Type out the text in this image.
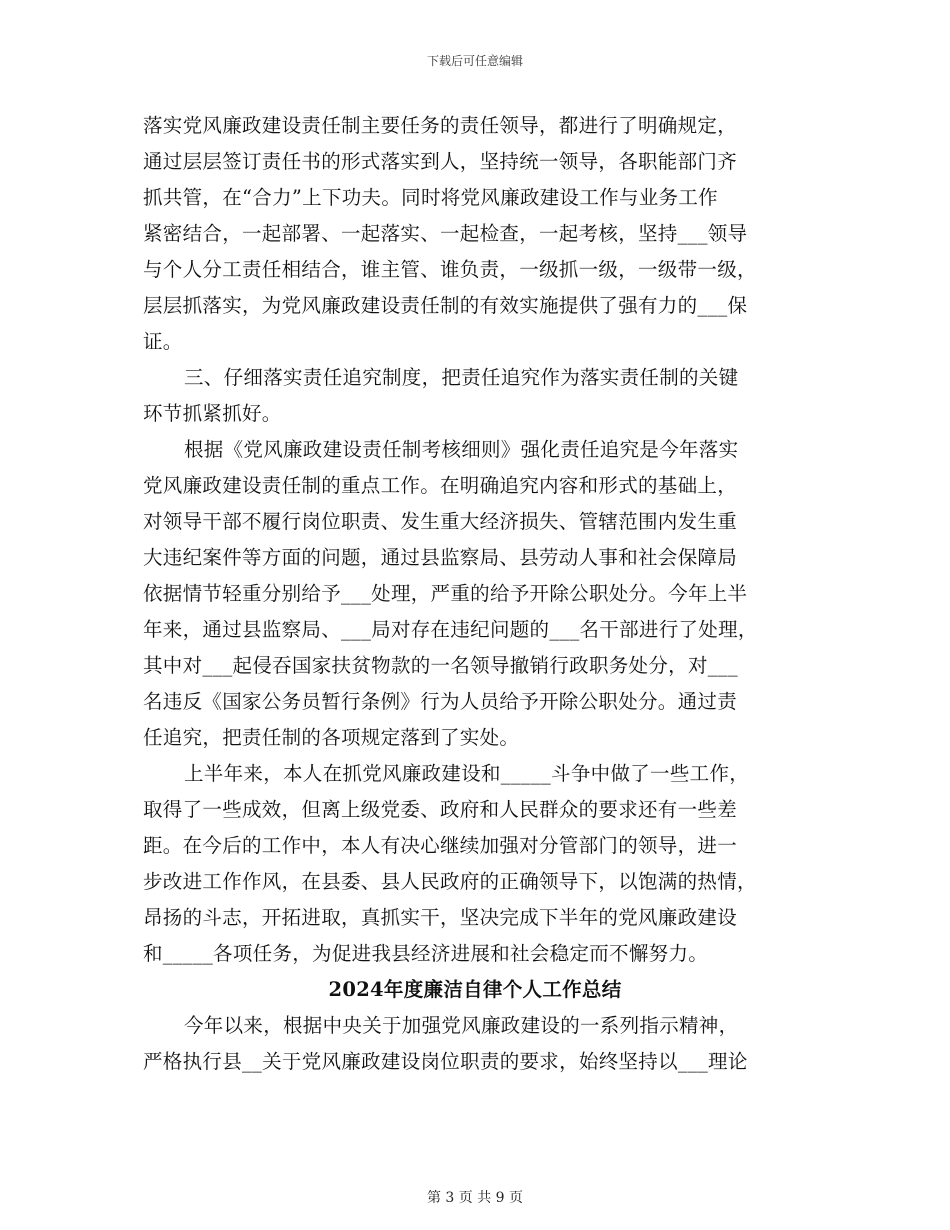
下载后可任意编辑
落实党风廉政建设责任制主要任务的责任领导，都进行了明确规定，
通过层层签订责任书的形式落实到人，坚持统一领导，各职能部门齐
抓共管，在“合力”上下功夫。同时将党风廉政建设工作与业务工作
紧密结合，一起部署、一起落实、一起检查，一起考核，坚持___领导
与个人分工责任相结合，谁主管、谁负责，一级抓一级，一级带一级，
层层抓落实，为党风廉政建设责任制的有效实施提供了强有力的___保
证。
三、仔细落实责任追究制度，把责任追究作为落实责任制的关键
环节抓紧抓好。
根据《党风廉政建设责任制考核细则》强化责任追究是今年落实
党风廉政建设责任制的重点工作。在明确追究内容和形式的基础上，
对领导干部不履行岗位职责、发生重大经济损失、管辖范围内发生重
大违纪案件等方面的问题，通过县监察局、县劳动人事和社会保障局
依据情节轻重分别给予___处理，严重的给予开除公职处分。今年上半
年来，通过县监察局、___局对存在违纪问题的___名干部进行了处理，
其中对___起侵吞国家扶贫物款的一名领导撤销行政职务处分，对___
名违反《国家公务员暂行条例》行为人员给予开除公职处分。通过责
任追究，把责任制的各项规定落到了实处。
上半年来，本人在抓党风廉政建设和_____斗争中做了一些工作，
取得了一些成效，但离上级党委、政府和人民群众的要求还有一些差
距。在今后的工作中，本人有决心继续加强对分管部门的领导，进一
步改进工作作风，在县委、县人民政府的正确领导下，以饱满的热情，
昂扬的斗志，开拓进取，真抓实干，坚决完成下半年的党风廉政建设
和_____各项任务，为促进我县经济进展和社会稳定而不懈努力。
2024年度廉洁自律个人工作总结
今年以来，根据中央关于加强党风廉政建设的一系列指示精神，
严格执行县__关于党风廉政建设岗位职责的要求，始终坚持以___理论
第 3 页 共 9 页
